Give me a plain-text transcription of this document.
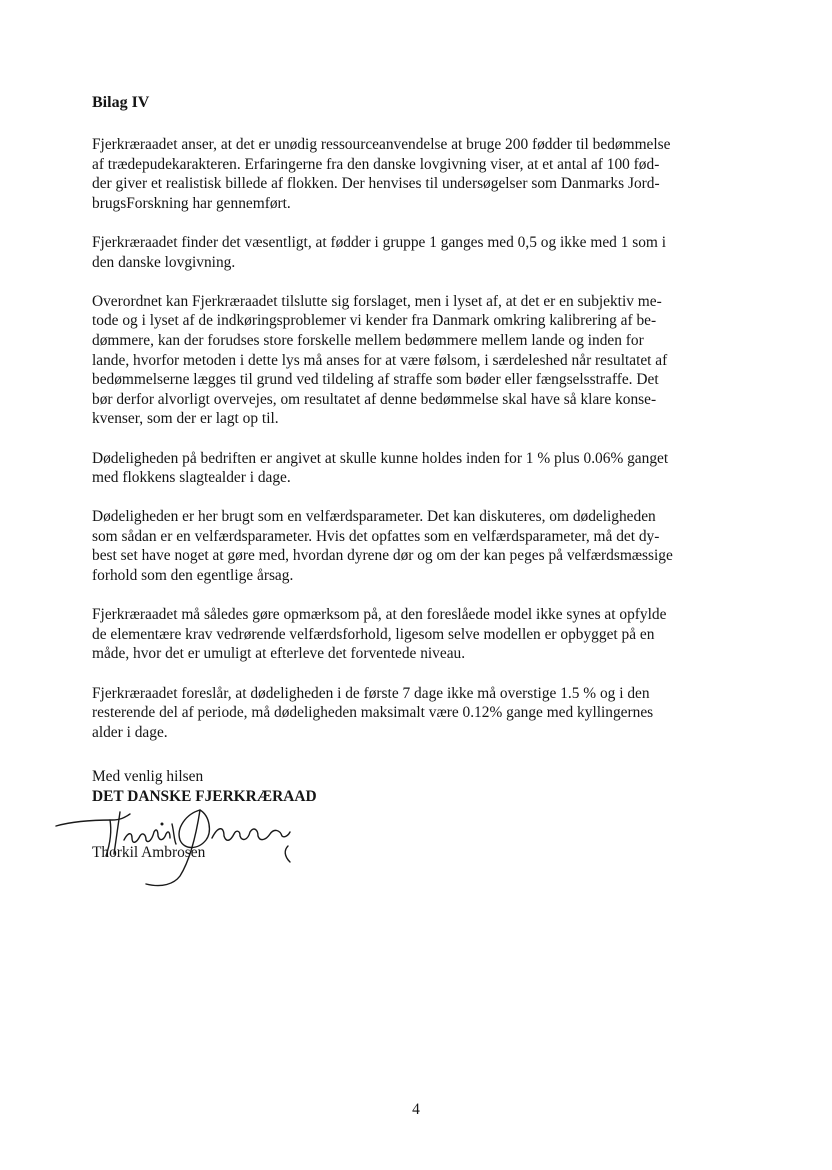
Bilag IV
Fjerkræraadet anser, at det er unødig ressourceanvendelse at bruge 200 fødder til bedømmelse
af trædepudekarakteren. Erfaringerne fra den danske lovgivning viser, at et antal af 100 fød-
der giver et realistisk billede af flokken. Der henvises til undersøgelser som Danmarks Jord-
brugsForskning har gennemført.
Fjerkræraadet finder det væsentligt, at fødder i gruppe 1 ganges med 0,5 og ikke med 1 som i
den danske lovgivning.
Overordnet kan Fjerkræraadet tilslutte sig forslaget, men i lyset af, at det er en subjektiv me-
tode og i lyset af de indkøringsproblemer vi kender fra Danmark omkring kalibrering af be-
dømmere, kan der forudses store forskelle mellem bedømmere mellem lande og inden for
lande, hvorfor metoden i dette lys må anses for at være følsom, i særdeleshed når resultatet af
bedømmelserne lægges til grund ved tildeling af straffe som bøder eller fængselsstraffe. Det
bør derfor alvorligt overvejes, om resultatet af denne bedømmelse skal have så klare konse-
kvenser, som der er lagt op til.
Dødeligheden på bedriften er angivet at skulle kunne holdes inden for 1 % plus 0.06% ganget
med flokkens slagtealder i dage.
Dødeligheden er her brugt som en velfærdsparameter. Det kan diskuteres, om dødeligheden
som sådan er en velfærdsparameter. Hvis det opfattes som en velfærdsparameter, må det dy-
best set have noget at gøre med, hvordan dyrene dør og om der kan peges på velfærdsmæssige
forhold som den egentlige årsag.
Fjerkræraadet må således gøre opmærksom på, at den foreslåede model ikke synes at opfylde
de elementære krav vedrørende velfærdsforhold, ligesom selve modellen er opbygget på en
måde, hvor det er umuligt at efterleve det forventede niveau.
Fjerkræraadet foreslår, at dødeligheden i de første 7 dage ikke må overstige 1.5 % og i den
resterende del af periode, må dødeligheden maksimalt være 0.12% gange med kyllingernes
alder i dage.
Med venlig hilsen
DET DANSKE FJERKRÆRAAD
Thorkil Ambrosen
4
